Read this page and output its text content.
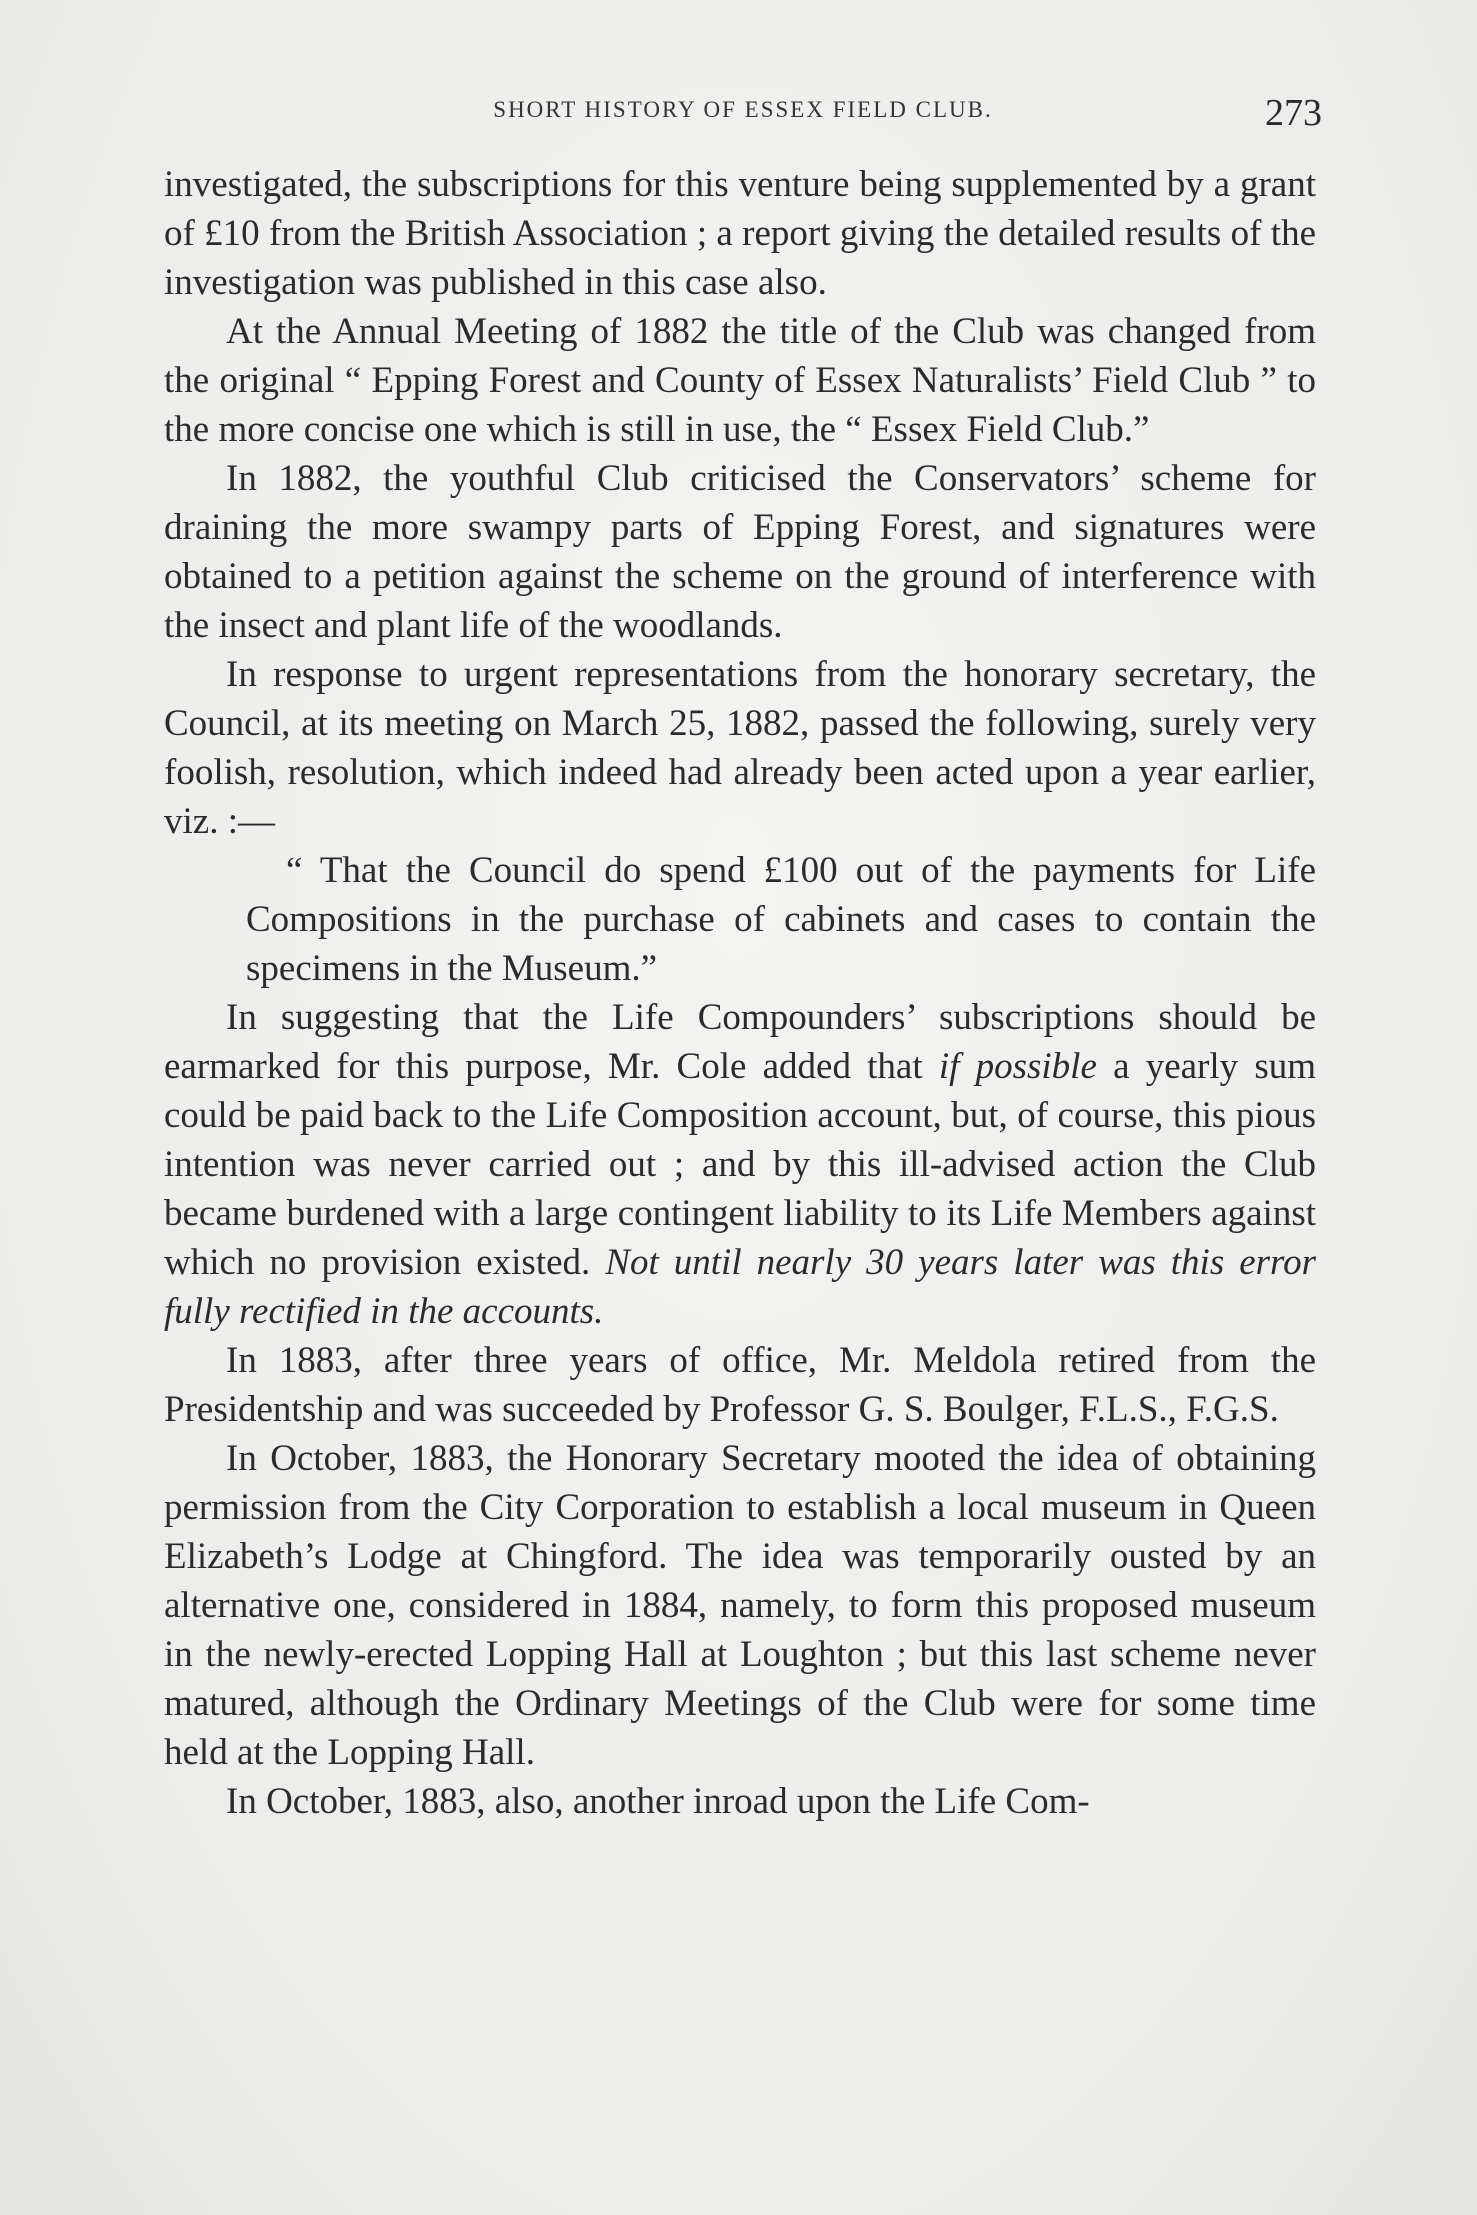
SHORT HISTORY OF ESSEX FIELD CLUB.	273

investigated, the subscriptions for this venture being supplemented by a grant of £10 from the British Association ; a report giving the detailed results of the investigation was published in this case also.

At the Annual Meeting of 1882 the title of the Club was changed from the original “ Epping Forest and County of Essex Naturalists’ Field Club ” to the more concise one which is still in use, the “ Essex Field Club.”

In 1882, the youthful Club criticised the Conservators’ scheme for draining the more swampy parts of Epping Forest, and signatures were obtained to a petition against the scheme on the ground of interference with the insect and plant life of the woodlands.

In response to urgent representations from the honorary secretary, the Council, at its meeting on March 25, 1882, passed the following, surely very foolish, resolution, which indeed had already been acted upon a year earlier, viz. :—

“ That the Council do spend £100 out of the payments for Life Compositions in the purchase of cabinets and cases to contain the specimens in the Museum.”

In suggesting that the Life Compounders’ subscriptions should be earmarked for this purpose, Mr. Cole added that if possible a yearly sum could be paid back to the Life Composition account, but, of course, this pious intention was never carried out ; and by this ill-advised action the Club became burdened with a large contingent liability to its Life Members against which no provision existed. Not until nearly 30 years later was this error fully rectified in the accounts.

In 1883, after three years of office, Mr. Meldola retired from the Presidentship and was succeeded by Professor G. S. Boulger, F.L.S., F.G.S.

In October, 1883, the Honorary Secretary mooted the idea of obtaining permission from the City Corporation to establish a local museum in Queen Elizabeth’s Lodge at Chingford. The idea was temporarily ousted by an alternative one, considered in 1884, namely, to form this proposed museum in the newly-erected Lopping Hall at Loughton ; but this last scheme never matured, although the Ordinary Meetings of the Club were for some time held at the Lopping Hall.

In October, 1883, also, another inroad upon the Life Com-
